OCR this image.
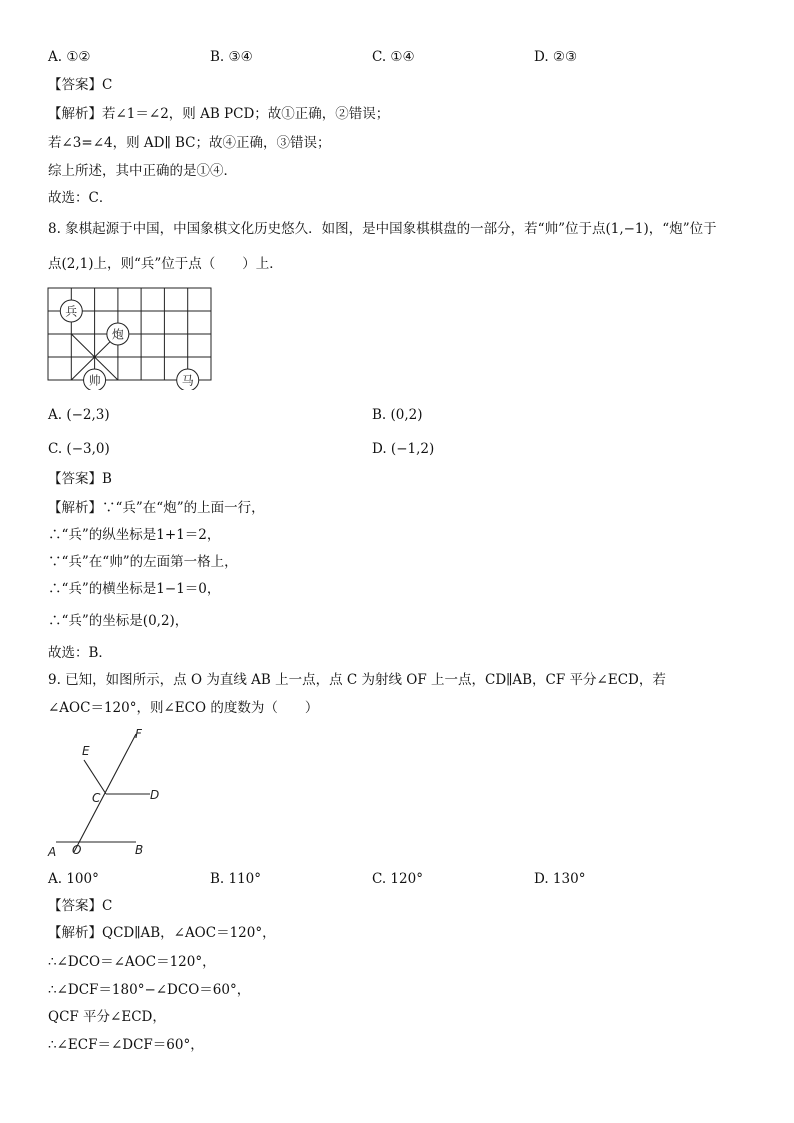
A. ①②	B. ③④	C. ①④	D. ②③
【答案】C
【解析】若∠1＝∠2，则 AB PCD；故①正确，②错误；
若∠3=∠4，则 AD∥ BC；故④正确，③错误；
综上所述，其中正确的是①④．
故选：C．
8. 象棋起源于中国，中国象棋文化历史悠久．如图，是中国象棋棋盘的一部分，若“帅”位于点(1,−1)，“炮”位于
点(2,1)上，则“兵”位于点（　　）上．
兵
炮
帅	马
A. (−2,3)	B. (0,2)
C. (−3,0)	D. (−1,2)
【答案】B
【解析】∵“兵”在“炮”的上面一行，
∴“兵”的纵坐标是1+1＝2，
∵“兵”在“帅”的左面第一格上，
∴“兵”的横坐标是1−1＝0，
∴“兵”的坐标是(0,2)，
故选：B．
9. 已知，如图所示，点 O 为直线 AB 上一点，点 C 为射线 OF 上一点，CD∥AB，CF 平分∠ECD，若
∠AOC＝120°，则∠ECO 的度数为（　　）
E
F
C	D
A O	B
A. 100°	B. 110°	C. 120°	D. 130°
【答案】C
【解析】QCD∥AB，∠AOC＝120°，
∴∠DCO＝∠AOC＝120°，
∴∠DCF＝180°−∠DCO＝60°，
QCF 平分∠ECD，
∴∠ECF＝∠DCF＝60°，
